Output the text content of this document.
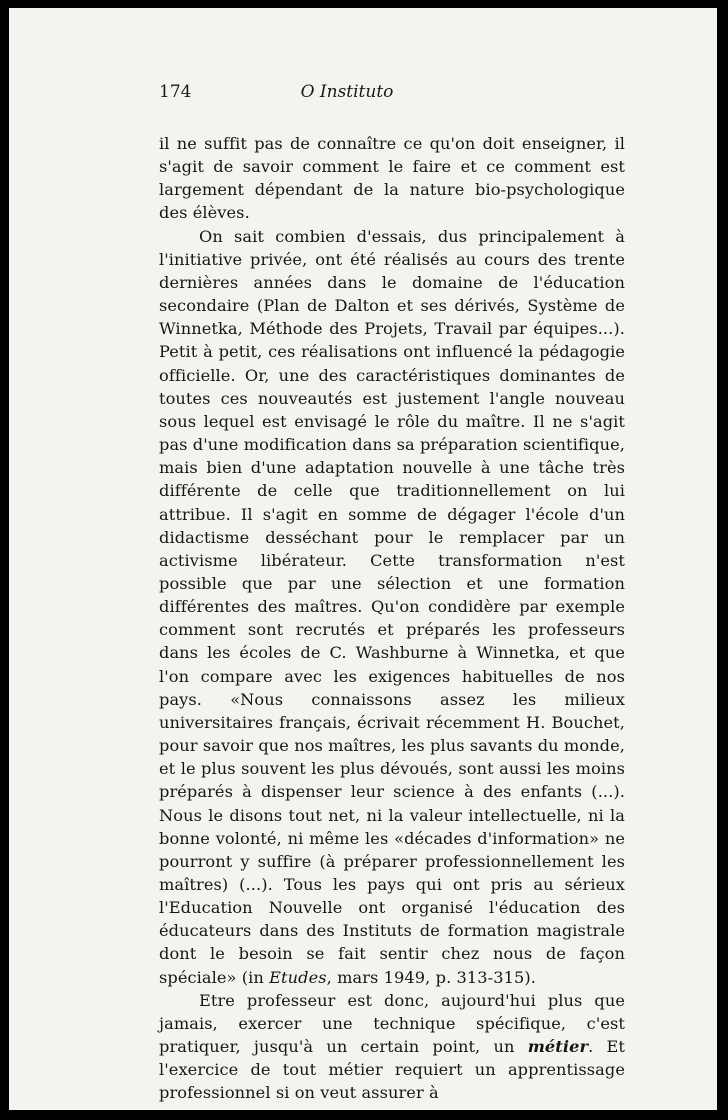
174	O Instituto

il ne suffit pas de connaître ce qu'on doit enseigner, il s'agit de savoir comment le faire et ce comment est largement dépendant de la nature bio-psychologique des élèves.

On sait combien d'essais, dus principalement à l'initiative privée, ont été réalisés au cours des trente dernières années dans le domaine de l'éducation secondaire (Plan de Dalton et ses dérivés, Système de Winnetka, Méthode des Projets, Travail par équipes...). Petit à petit, ces réalisations ont influencé la pédagogie officielle. Or, une des caractéristiques dominantes de toutes ces nouveautés est justement l'angle nouveau sous lequel est envisagé le rôle du maître. Il ne s'agit pas d'une modification dans sa préparation scientifique, mais bien d'une adaptation nouvelle à une tâche très différente de celle que traditionnellement on lui attribue. Il s'agit en somme de dégager l'école d'un didactisme desséchant pour le remplacer par un activisme libérateur. Cette transformation n'est possible que par une sélection et une formation différentes des maîtres. Qu'on condidère par exemple comment sont recrutés et préparés les professeurs dans les écoles de C. Washburne à Winnetka, et que l'on compare avec les exigences habituelles de nos pays. «Nous connaissons assez les milieux universitaires français, écrivait récemment H. Bouchet, pour savoir que nos maîtres, les plus savants du monde, et le plus souvent les plus dévoués, sont aussi les moins préparés à dispenser leur science à des enfants (...). Nous le disons tout net, ni la valeur intellectuelle, ni la bonne volonté, ni même les «décades d'information» ne pourront y suffire (à préparer professionnellement les maîtres) (...). Tous les pays qui ont pris au sérieux l'Education Nouvelle ont organisé l'éducation des éducateurs dans des Instituts de formation magistrale dont le besoin se fait sentir chez nous de façon spéciale» (in Etudes, mars 1949, p. 313-315).

Etre professeur est donc, aujourd'hui plus que jamais, exercer une technique spécifique, c'est pratiquer, jusqu'à un certain point, un métier. Et l'exercice de tout métier requiert un apprentissage professionnel si on veut assurer à
